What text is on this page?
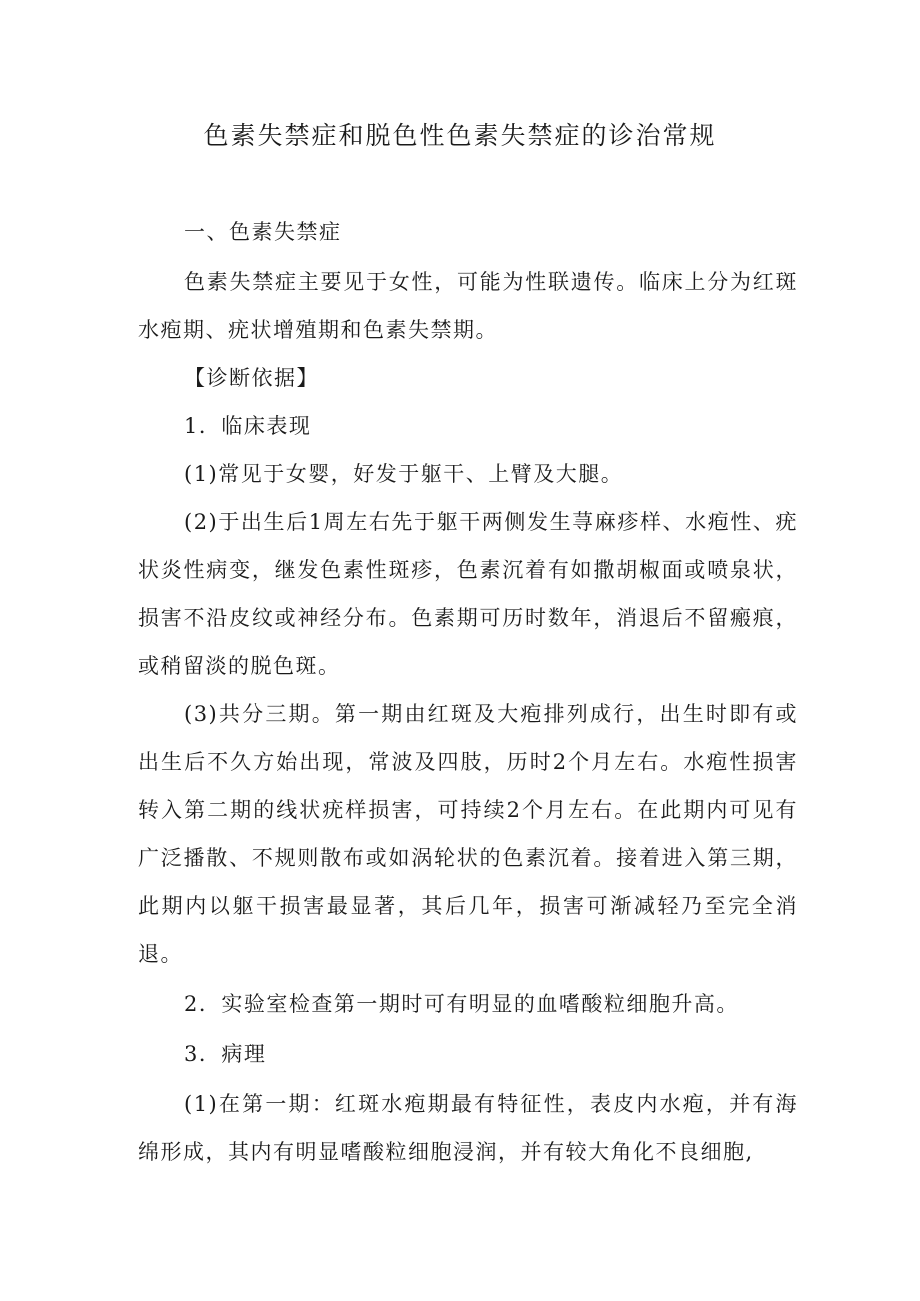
色素失禁症和脱色性色素失禁症的诊治常规
一、色素失禁症

色素失禁症主要见于女性，可能为性联遗传。临床上分为红斑水疱期、疣状增殖期和色素失禁期。

【诊断依据】
1．临床表现
(1)常见于女婴，好发于躯干、上臂及大腿。

(2)于出生后1周左右先于躯干两侧发生荨麻疹样、水疱性、疣状炎性病变，继发色素性斑疹，色素沉着有如撒胡椒面或喷泉状，损害不沿皮纹或神经分布。色素期可历时数年，消退后不留瘢痕，或稍留淡的脱色斑。

(3)共分三期。第一期由红斑及大疱排列成行，出生时即有或出生后不久方始出现，常波及四肢，历时2个月左右。水疱性损害转入第二期的线状疣样损害，可持续2个月左右。在此期内可见有广泛播散、不规则散布或如涡轮状的色素沉着。接着进入第三期，此期内以躯干损害最显著，其后几年，损害可渐减轻乃至完全消退。

2．实验室检查第一期时可有明显的血嗜酸粒细胞升高。
3．病理

(1)在第一期：红斑水疱期最有特征性，表皮内水疱，并有海绵形成，其内有明显嗜酸粒细胞浸润，并有较大角化不良细胞,
